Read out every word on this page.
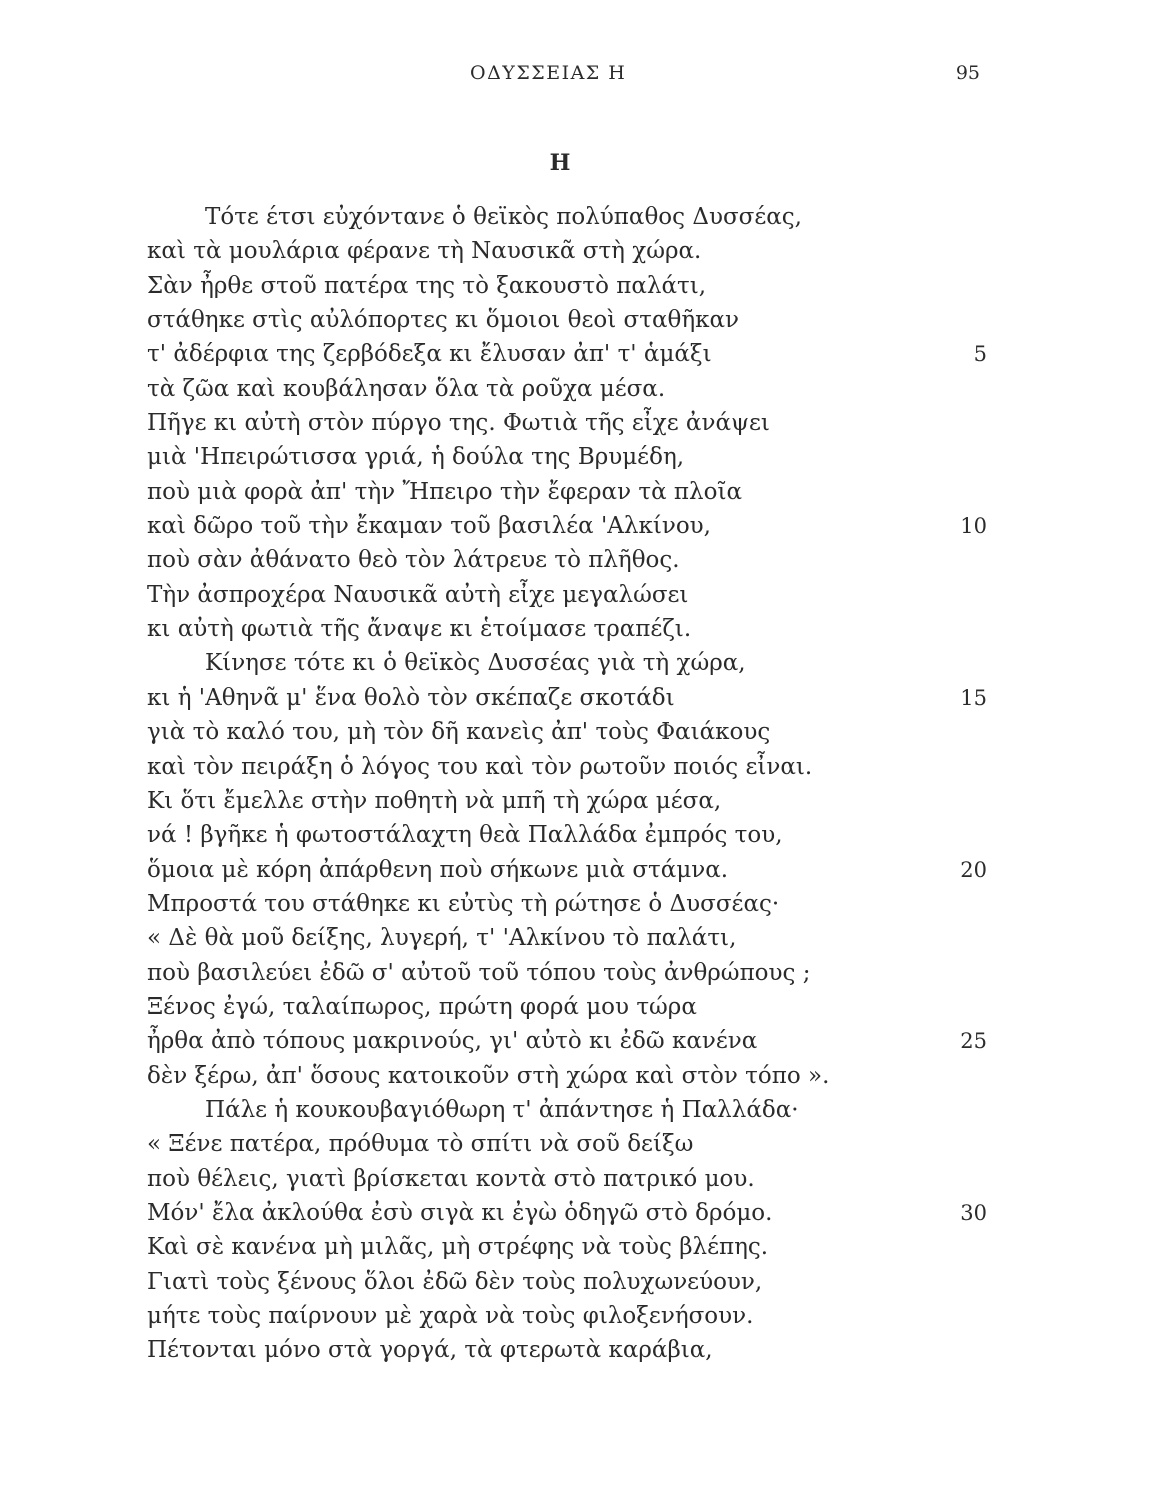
ΟΔΥΣΣΕΙΑΣ Η	95
Η
Τότε έτσι εὐχόντανε ὁ θεϊκὸς πολύπαθος Δυσσέας,
καὶ τὰ μουλάρια φέρανε τὴ Ναυσικᾶ στὴ χώρα.
Σὰν ἦρθε στοῦ πατέρα της τὸ ξακουστὸ παλάτι,
στάθηκε στὶς αὐλόπορτες κι ὅμοιοι θεοὶ σταθῆκαν
τ' ἀδέρφια της ζερβόδεξα κι ἔλυσαν ἀπ' τ' ἁμάξι	5
τὰ ζῶα καὶ κουβάλησαν ὅλα τὰ ροῦχα μέσα.
Πῆγε κι αὐτὴ στὸν πύργο της. Φωτιὰ τῆς εἶχε ἀνάψει
μιὰ 'Ηπειρώτισσα γριά, ἡ δούλα της Βρυμέδη,
ποὺ μιὰ φορὰ ἀπ' τὴν Ἤπειρο τὴν ἔφεραν τὰ πλοῖα
καὶ δῶρο τοῦ τὴν ἔκαμαν τοῦ βασιλέα 'Αλκίνου,	10
ποὺ σὰν ἀθάνατο θεὸ τὸν λάτρευε τὸ πλῆθος.
Τὴν ἀσπροχέρα Ναυσικᾶ αὐτὴ εἶχε μεγαλώσει
κι αὐτὴ φωτιὰ τῆς ἄναψε κι ἑτοίμασε τραπέζι.
Κίνησε τότε κι ὁ θεϊκὸς Δυσσέας γιὰ τὴ χώρα,
κι ἡ 'Αθηνᾶ μ' ἕνα θολὸ τὸν σκέπαζε σκοτάδι	15
γιὰ τὸ καλό του, μὴ τὸν δῆ κανεὶς ἀπ' τοὺς Φαιάκους
καὶ τὸν πειράξη ὁ λόγος του καὶ τὸν ρωτοῦν ποιός εἶναι.
Κι ὅτι ἔμελλε στὴν ποθητὴ νὰ μπῆ τὴ χώρα μέσα,
νά ! βγῆκε ἡ φωτοστάλαχτη θεὰ Παλλάδα ἐμπρός του,
ὅμοια μὲ κόρη ἀπάρθενη ποὺ σήκωνε μιὰ στάμνα.	20
Μπροστά του στάθηκε κι εὐτὺς τὴ ρώτησε ὁ Δυσσέας·
« Δὲ θὰ μοῦ δείξης, λυγερή, τ' 'Αλκίνου τὸ παλάτι,
ποὺ βασιλεύει ἐδῶ σ' αὐτοῦ τοῦ τόπου τοὺς ἀνθρώπους ;
Ξένος ἐγώ, ταλαίπωρος, πρώτη φορά μου τώρα
ἦρθα ἀπὸ τόπους μακρινούς, γι' αὐτὸ κι ἐδῶ κανένα	25
δὲν ξέρω, ἀπ' ὅσους κατοικοῦν στὴ χώρα καὶ στὸν τόπο ».
Πάλε ἡ κουκουβαγιόθωρη τ' ἀπάντησε ἡ Παλλάδα·
« Ξένε πατέρα, πρόθυμα τὸ σπίτι νὰ σοῦ δείξω
ποὺ θέλεις, γιατὶ βρίσκεται κοντὰ στὸ πατρικό μου.
Μόν' ἔλα ἀκλούθα ἐσὺ σιγὰ κι ἐγὼ ὁδηγῶ στὸ δρόμο.	30
Καὶ σὲ κανένα μὴ μιλᾶς, μὴ στρέφης νὰ τοὺς βλέπης.
Γιατὶ τοὺς ξένους ὅλοι ἐδῶ δὲν τοὺς πολυχωνεύουν,
μήτε τοὺς παίρνουν μὲ χαρὰ νὰ τοὺς φιλοξενήσουν.
Πέτονται μόνο στὰ γοργά, τὰ φτερωτὰ καράβια,
